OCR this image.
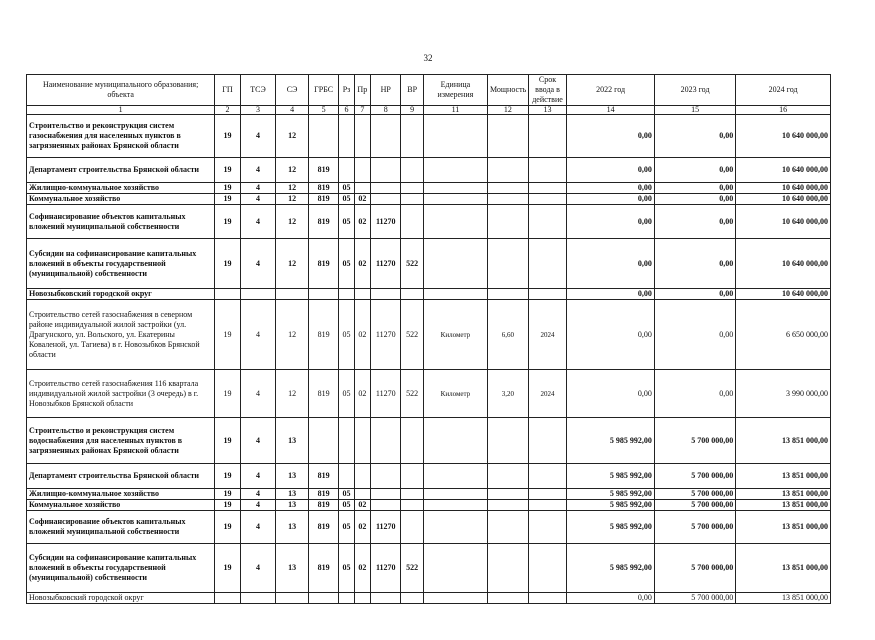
32
Наименование муниципального образования; объекта	ГП	ТСЭ	СЭ	ГРБС	Рз	Пр	НР	ВР	Единица измерения	Мощность	Срок ввода в действие	2022 год	2023 год	2024 год
1	2	3	4	5	6	7	8	9	11	12	13	14	15	16
Строительство и реконструкция систем газоснабжения для населенных пунктов в загрязненных районах Брянской области	19	4	12									0,00	0,00	10 640 000,00
Департамент строительства Брянской области	19	4	12	819								0,00	0,00	10 640 000,00
Жилищно-коммунальное хозяйство	19	4	12	819	05							0,00	0,00	10 640 000,00
Коммунальное хозяйство	19	4	12	819	05	02						0,00	0,00	10 640 000,00
Софинансирование объектов капитальных вложений муниципальной собственности	19	4	12	819	05	02	11270					0,00	0,00	10 640 000,00
Субсидии на софинансирование капитальных вложений в объекты государственной (муниципальной) собственности	19	4	12	819	05	02	11270	522				0,00	0,00	10 640 000,00
Новозыбковский городской округ												0,00	0,00	10 640 000,00
Строительство сетей газоснабжения в северном районе индивидуальной жилой застройки (ул. Драгунского, ул. Вольского, ул. Екатерины Коваленой, ул. Тагиева) в г. Новозыбков Брянской области	19	4	12	819	05	02	11270	522	Километр	6,60	2024	0,00	0,00	6 650 000,00
Строительство сетей газоснабжения 116 квартала индивидуальной жилой застройки (3 очередь) в г. Новозыбков Брянской области	19	4	12	819	05	02	11270	522	Километр	3,20	2024	0,00	0,00	3 990 000,00
Строительство и реконструкция систем водоснабжения для населенных пунктов в загрязненных районах Брянской области	19	4	13									5 985 992,00	5 700 000,00	13 851 000,00
Департамент строительства Брянской области	19	4	13	819								5 985 992,00	5 700 000,00	13 851 000,00
Жилищно-коммунальное хозяйство	19	4	13	819	05							5 985 992,00	5 700 000,00	13 851 000,00
Коммунальное хозяйство	19	4	13	819	05	02						5 985 992,00	5 700 000,00	13 851 000,00
Софинансирование объектов капитальных вложений муниципальной собственности	19	4	13	819	05	02	11270					5 985 992,00	5 700 000,00	13 851 000,00
Субсидии на софинансирование капитальных вложений в объекты государственной (муниципальной) собственности	19	4	13	819	05	02	11270	522				5 985 992,00	5 700 000,00	13 851 000,00
Новозыбковский городской округ												0,00	5 700 000,00	13 851 000,00
